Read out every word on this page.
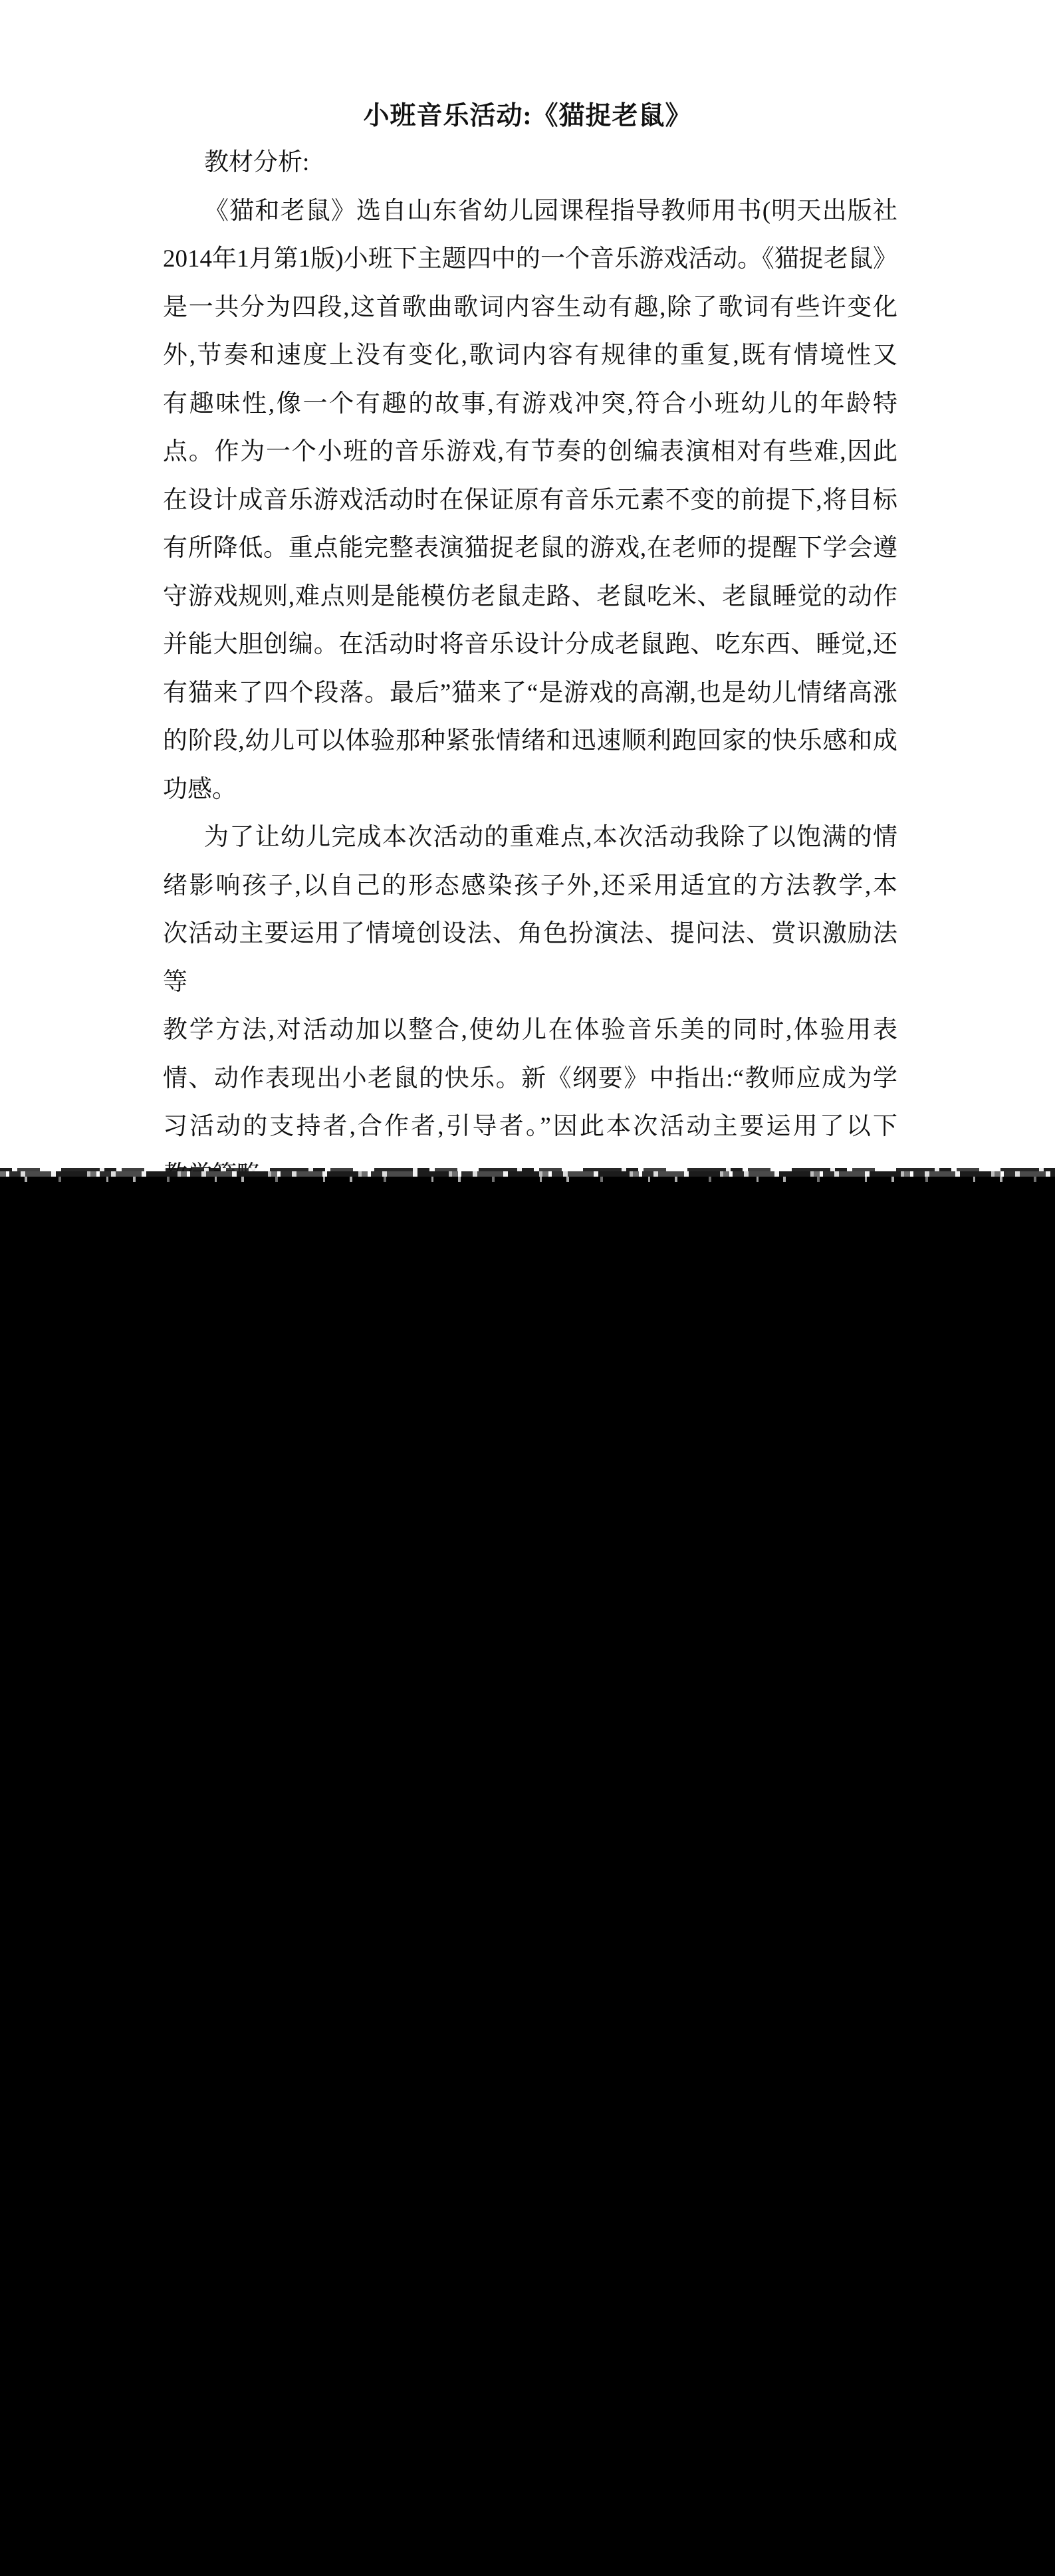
小班音乐活动:《猫捉老鼠》
教材分析:
《猫和老鼠》选自山东省幼儿园课程指导教师用书(明天出版社
2014年1月第1版)小班下主题四中的一个音乐游戏活动。《猫捉老鼠》
是一共分为四段,这首歌曲歌词内容生动有趣,除了歌词有些许变化
外,节奏和速度上没有变化,歌词内容有规律的重复,既有情境性又
有趣味性,像一个有趣的故事,有游戏冲突,符合小班幼儿的年龄特
点。作为一个小班的音乐游戏,有节奏的创编表演相对有些难,因此
在设计成音乐游戏活动时在保证原有音乐元素不变的前提下,将目标
有所降低。重点能完整表演猫捉老鼠的游戏,在老师的提醒下学会遵
守游戏规则,难点则是能模仿老鼠走路、老鼠吃米、老鼠睡觉的动作
并能大胆创编。在活动时将音乐设计分成老鼠跑、吃东西、睡觉,还
有猫来了四个段落。最后”猫来了“是游戏的高潮,也是幼儿情绪高涨
的阶段,幼儿可以体验那种紧张情绪和迅速顺利跑回家的快乐感和成
功感。
为了让幼儿完成本次活动的重难点,本次活动我除了以饱满的情
绪影响孩子,以自己的形态感染孩子外,还采用适宜的方法教学,本
次活动主要运用了情境创设法、角色扮演法、提问法、赏识激励法等
教学方法,对活动加以整合,使幼儿在体验音乐美的同时,体验用表
情、动作表现出小老鼠的快乐。新《纲要》中指出:“教师应成为学
习活动的支持者,合作者,引导者。”因此本次活动主要运用了以下
